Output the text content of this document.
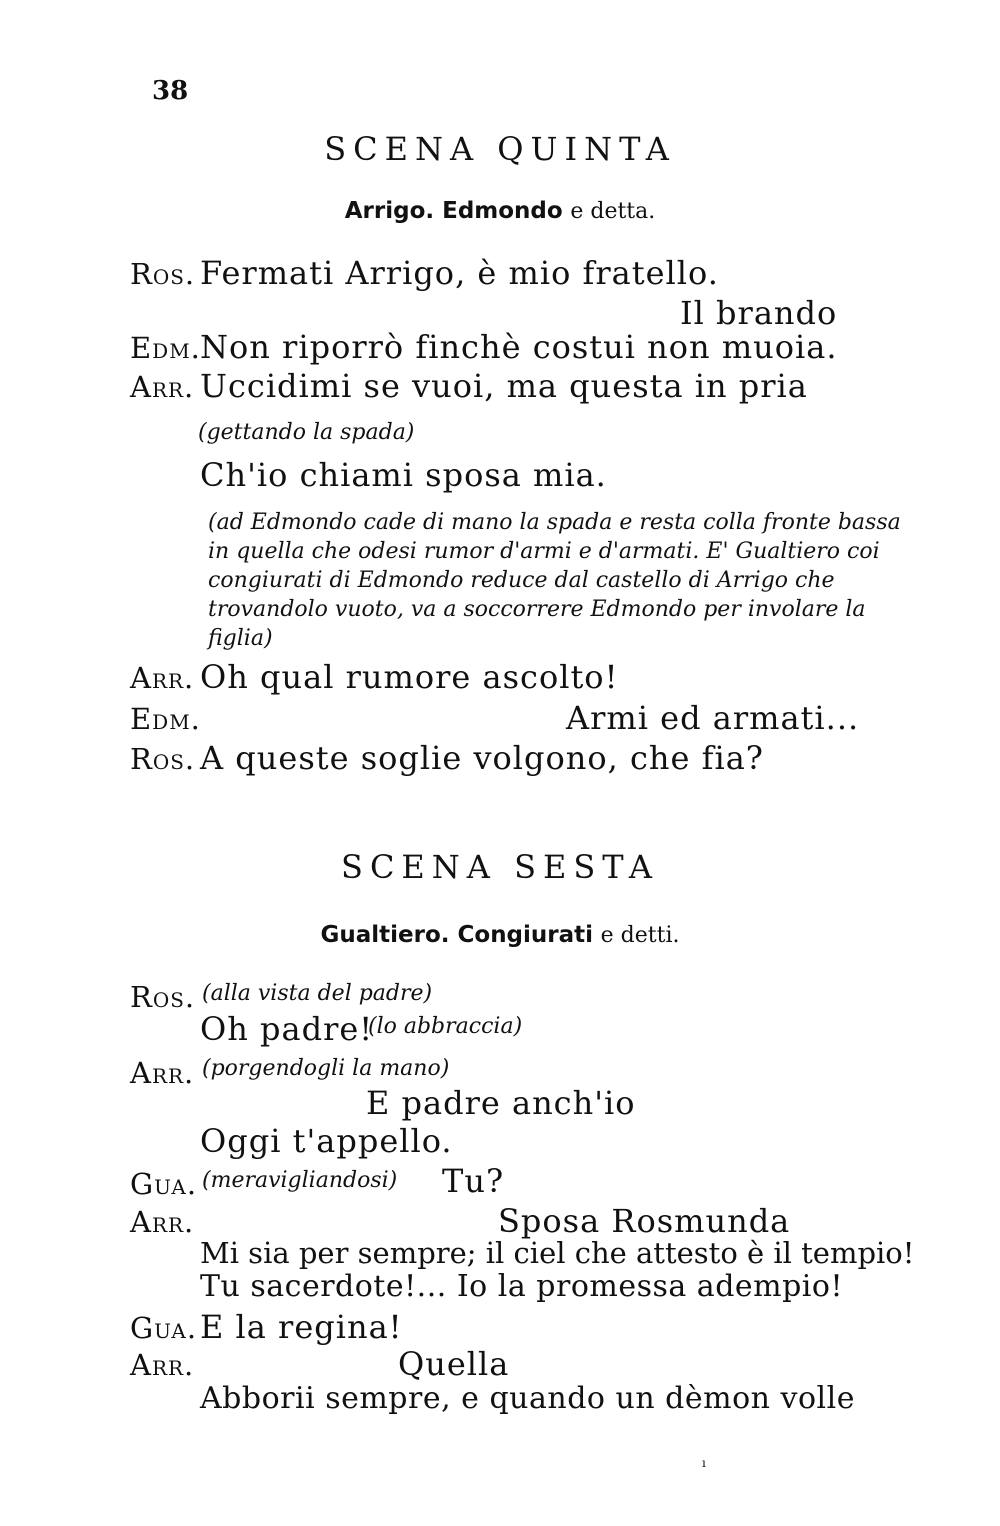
38
SCENA QUINTA
Arrigo. Edmondo e detta.
Ros. Fermati Arrigo, è mio fratello.
Il brando
Edm. Non riporrò finchè costui non muoia.
Arr. Uccidimi se vuoi, ma questa in pria
(gettando la spada)
Ch'io chiami sposa mia.
(ad Edmondo cade di mano la spada e resta colla fronte bassa in quella che odesi rumor d'armi e d'armati. E' Gualtiero coi congiurati di Edmondo reduce dal castello di Arrigo che trovandolo vuoto, va a soccorrere Edmondo per involare la figlia)
Arr. Oh qual rumore ascolto!
Edm.	Armi ed armati...
Ros. A queste soglie volgono, che fia?
SCENA SESTA
Gualtiero. Congiurati e detti.
Ros. (alla vista del padre)
Oh padre!
(lo abbraccia)
Arr. (porgendogli la mano)
E padre anch'io
Oggi t'appello.
Gua. (meravigliandosi) Tu?
Arr.	Sposa Rosmunda
Mi sia per sempre; il ciel che attesto è il tempio!
Tu sacerdote!... Io la promessa adempio!
Gua. E la regina!
Arr.	Quella
Abborii sempre, e quando un dèmon volle
ı
